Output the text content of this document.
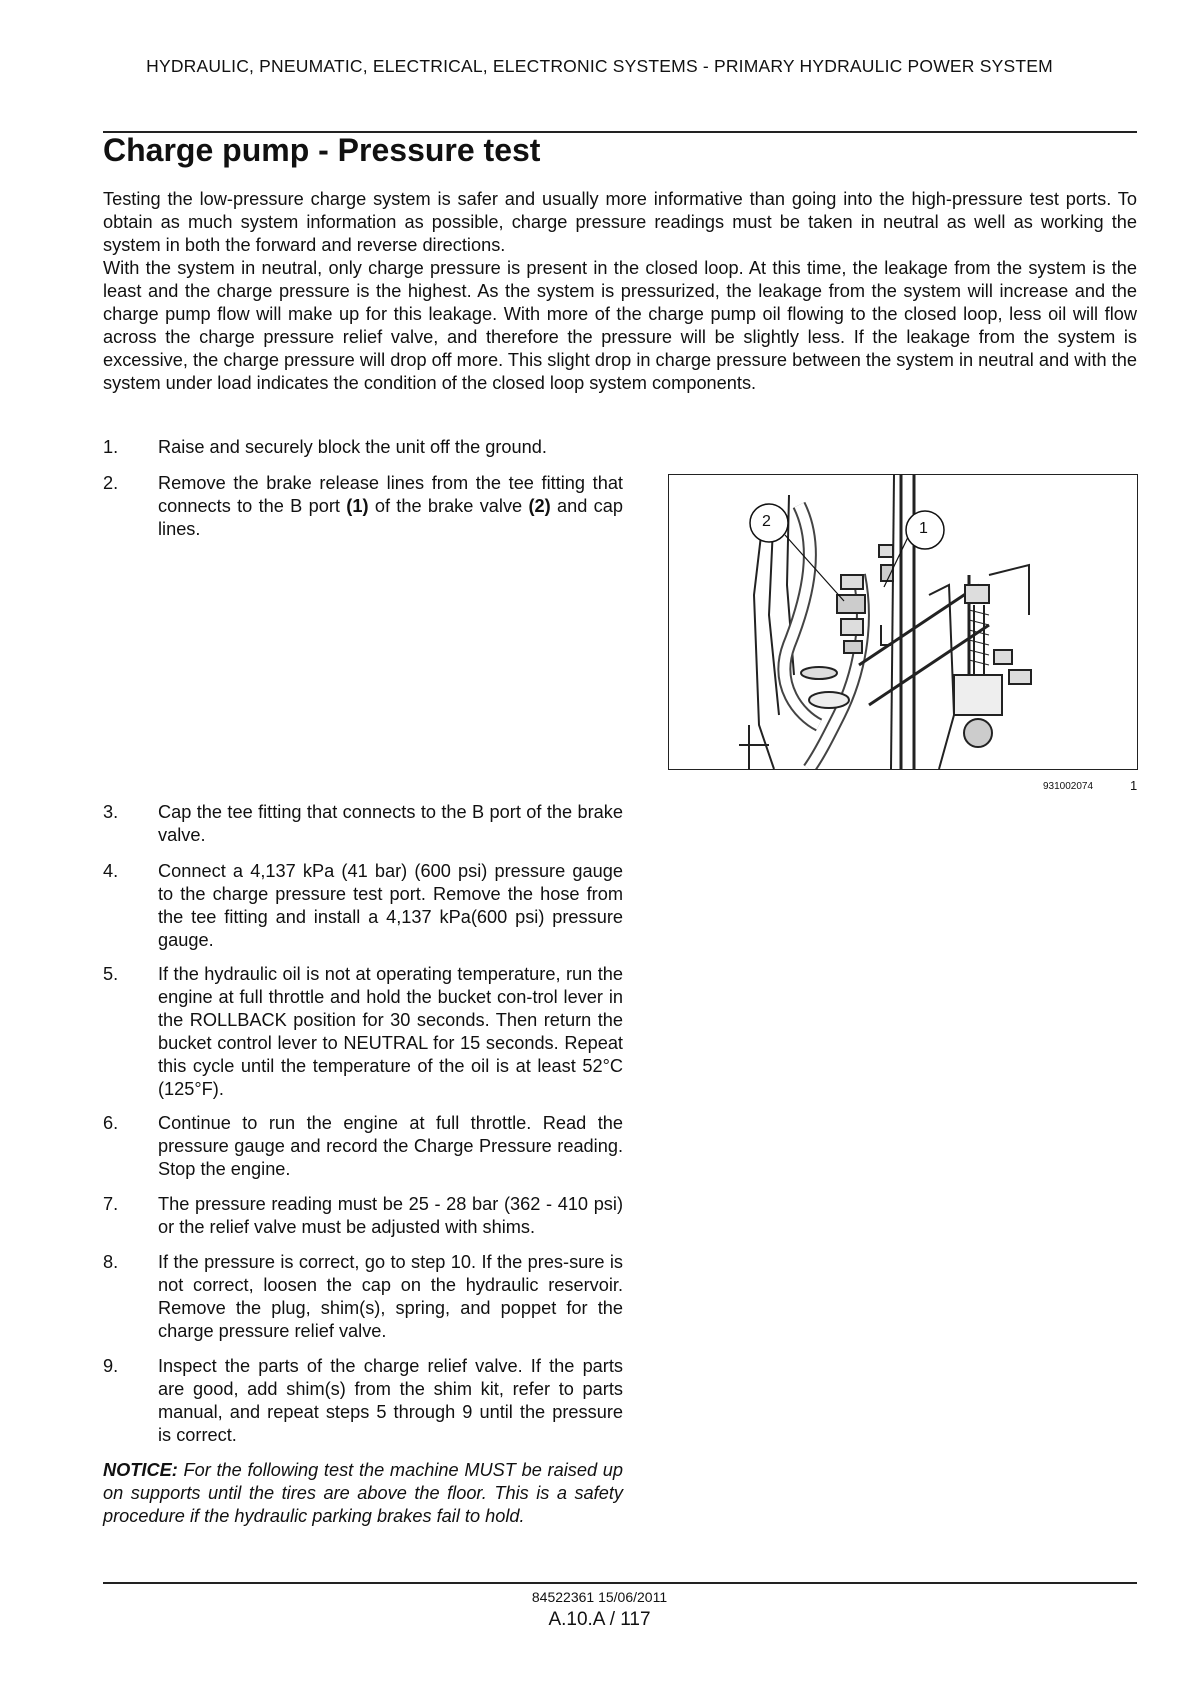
HYDRAULIC, PNEUMATIC, ELECTRICAL, ELECTRONIC SYSTEMS - PRIMARY HYDRAULIC POWER SYSTEM
Charge pump - Pressure test

Testing the low-pressure charge system is safer and usually more informative than going into the high-pressure test ports. To obtain as much system information as possible, charge pressure readings must be taken in neutral as well as working the system in both the forward and reverse directions.

With the system in neutral, only charge pressure is present in the closed loop. At this time, the leakage from the system is the least and the charge pressure is the highest. As the system is pressurized, the leakage from the system will increase and the charge pump flow will make up for this leakage. With more of the charge pump oil flowing to the closed loop, less oil will flow across the charge pressure relief valve, and therefore the pressure will be slightly less. If the leakage from the system is excessive, the charge pressure will drop off more. This slight drop in charge pressure between the system in neutral and with the system under load indicates the condition of the closed loop system components.

1. Raise and securely block the unit off the ground.
2. Remove the brake release lines from the tee fitting that connects to the B port (1) of the brake valve (2) and cap lines.	2	1
931002074	1
3. Cap the tee fitting that connects to the B port of the brake valve.
4. Connect a 4,137 kPa (41 bar) (600 psi) pressure gauge to the charge pressure test port. Remove the hose from the tee fitting and install a 4,137 kPa(600 psi) pressure gauge.
5. If the hydraulic oil is not at operating temperature, run the engine at full throttle and hold the bucket con-trol lever in the ROLLBACK position for 30 seconds. Then return the bucket control lever to NEUTRAL for 15 seconds. Repeat this cycle until the temperature of the oil is at least 52°C (125°F).
6. Continue to run the engine at full throttle. Read the pressure gauge and record the Charge Pressure reading. Stop the engine.
7. The pressure reading must be 25 - 28 bar (362 - 410 psi) or the relief valve must be adjusted with shims.
8. If the pressure is correct, go to step 10. If the pres-sure is not correct, loosen the cap on the hydraulic reservoir. Remove the plug, shim(s), spring, and poppet for the charge pressure relief valve.
9. Inspect the parts of the charge relief valve. If the parts are good, add shim(s) from the shim kit, refer to parts manual, and repeat steps 5 through 9 until the pressure is correct.
NOTICE: For the following test the machine MUST be raised up on supports until the tires are above the floor. This is a safety procedure if the hydraulic parking brakes fail to hold.
84522361 15/06/2011
A.10.A / 117
